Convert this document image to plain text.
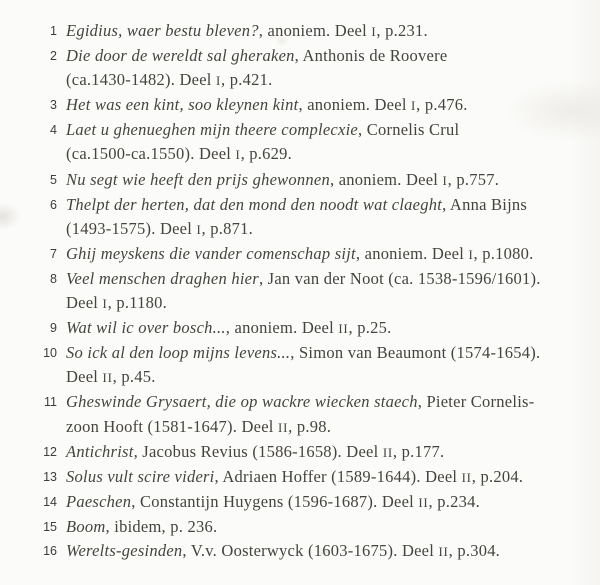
1 Egidius, waer bestu bleven?, anoniem. Deel I, p.231.
2 Die door de wereldt sal gheraken, Anthonis de Roovere
(ca.1430-1482). Deel I, p.421.
3 Het was een kint, soo kleynen kint, anoniem. Deel I, p.476.
4 Laet u ghenueghen mijn theere complecxie, Cornelis Crul
(ca.1500-ca.1550). Deel I, p.629.
5 Nu segt wie heeft den prijs ghewonnen, anoniem. Deel I, p.757.
6 Thelpt der herten, dat den mond den noodt wat claeght, Anna Bijns
(1493-1575). Deel I, p.871.
7 Ghij meyskens die vander comenschap sijt, anoniem. Deel I, p.1080.
8 Veel menschen draghen hier, Jan van der Noot (ca. 1538-1596/1601).
Deel I, p.1180.
9 Wat wil ic over bosch..., anoniem. Deel II, p.25.
10 So ick al den loop mijns levens..., Simon van Beaumont (1574-1654).
Deel II, p.45.
11 Gheswinde Grysaert, die op wackre wiecken staech, Pieter Cornelis-
zoon Hooft (1581-1647). Deel II, p.98.
12 Antichrist, Jacobus Revius (1586-1658). Deel II, p.177.
13 Solus vult scire videri, Adriaen Hoffer (1589-1644). Deel II, p.204.
14 Paeschen, Constantijn Huygens (1596-1687). Deel II, p.234.
15 Boom, ibidem, p. 236.
16 Werelts-gesinden, V.v. Oosterwyck (1603-1675). Deel II, p.304.
